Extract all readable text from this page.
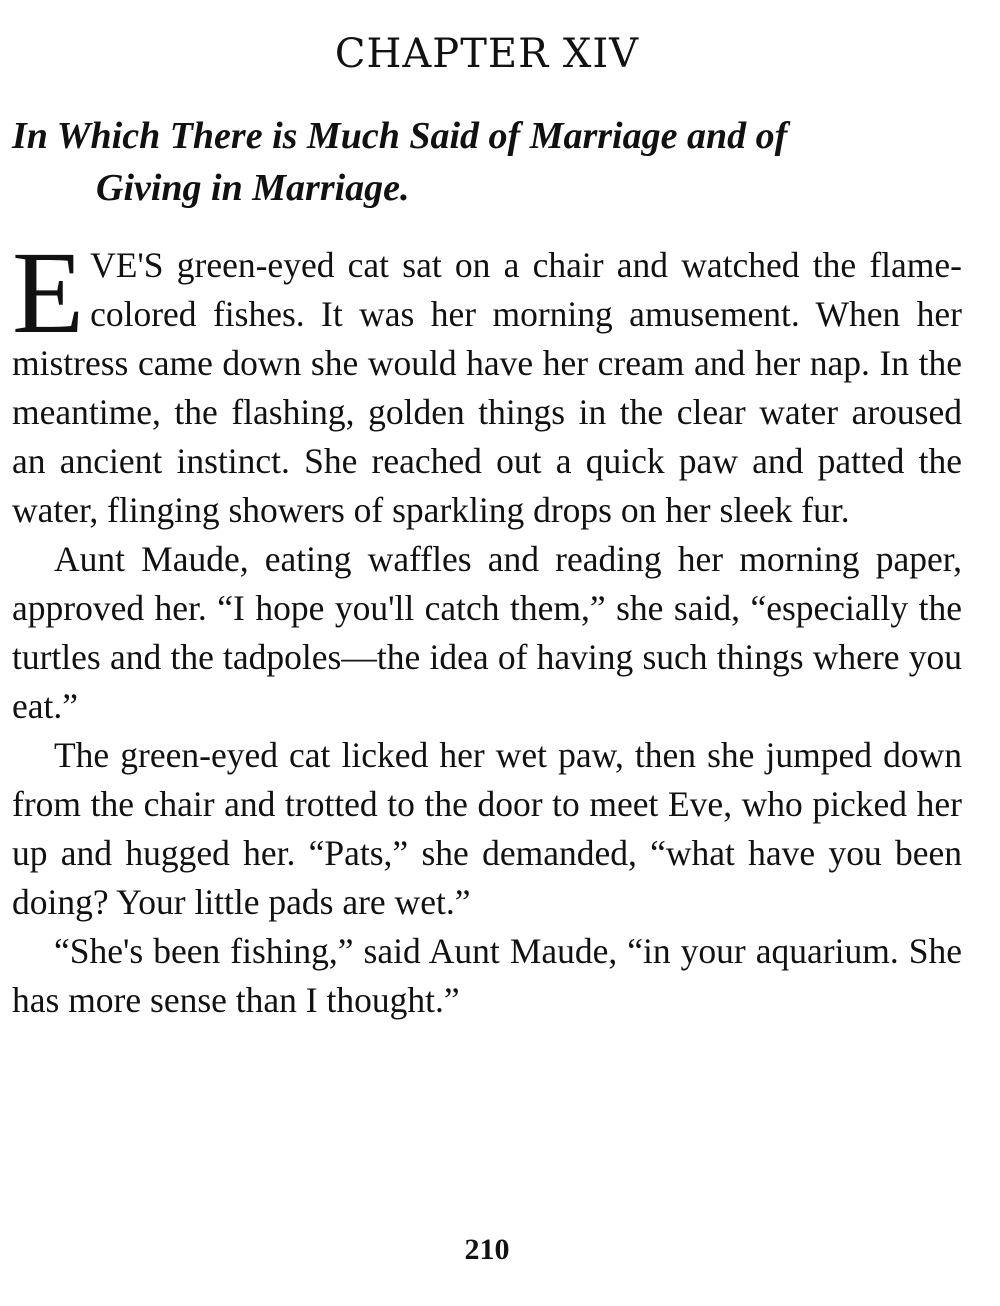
CHAPTER XIV
In Which There is Much Said of Marriage and of
Giving in Marriage.

EVE'S green-eyed cat sat on a chair and watched the flame-colored fishes. It was her morning amusement. When her mistress came down she would have her cream and her nap. In the meantime, the flashing, golden things in the clear water aroused an ancient instinct. She reached out a quick paw and patted the water, flinging showers of sparkling drops on her sleek fur.

Aunt Maude, eating waffles and reading her morning paper, approved her. “I hope you'll catch them,” she said, “especially the turtles and the tadpoles—the idea of having such things where you eat.”

The green-eyed cat licked her wet paw, then she jumped down from the chair and trotted to the door to meet Eve, who picked her up and hugged her. “Pats,” she demanded, “what have you been doing? Your little pads are wet.”

“She's been fishing,” said Aunt Maude, “in your aquarium. She has more sense than I thought.”

210
